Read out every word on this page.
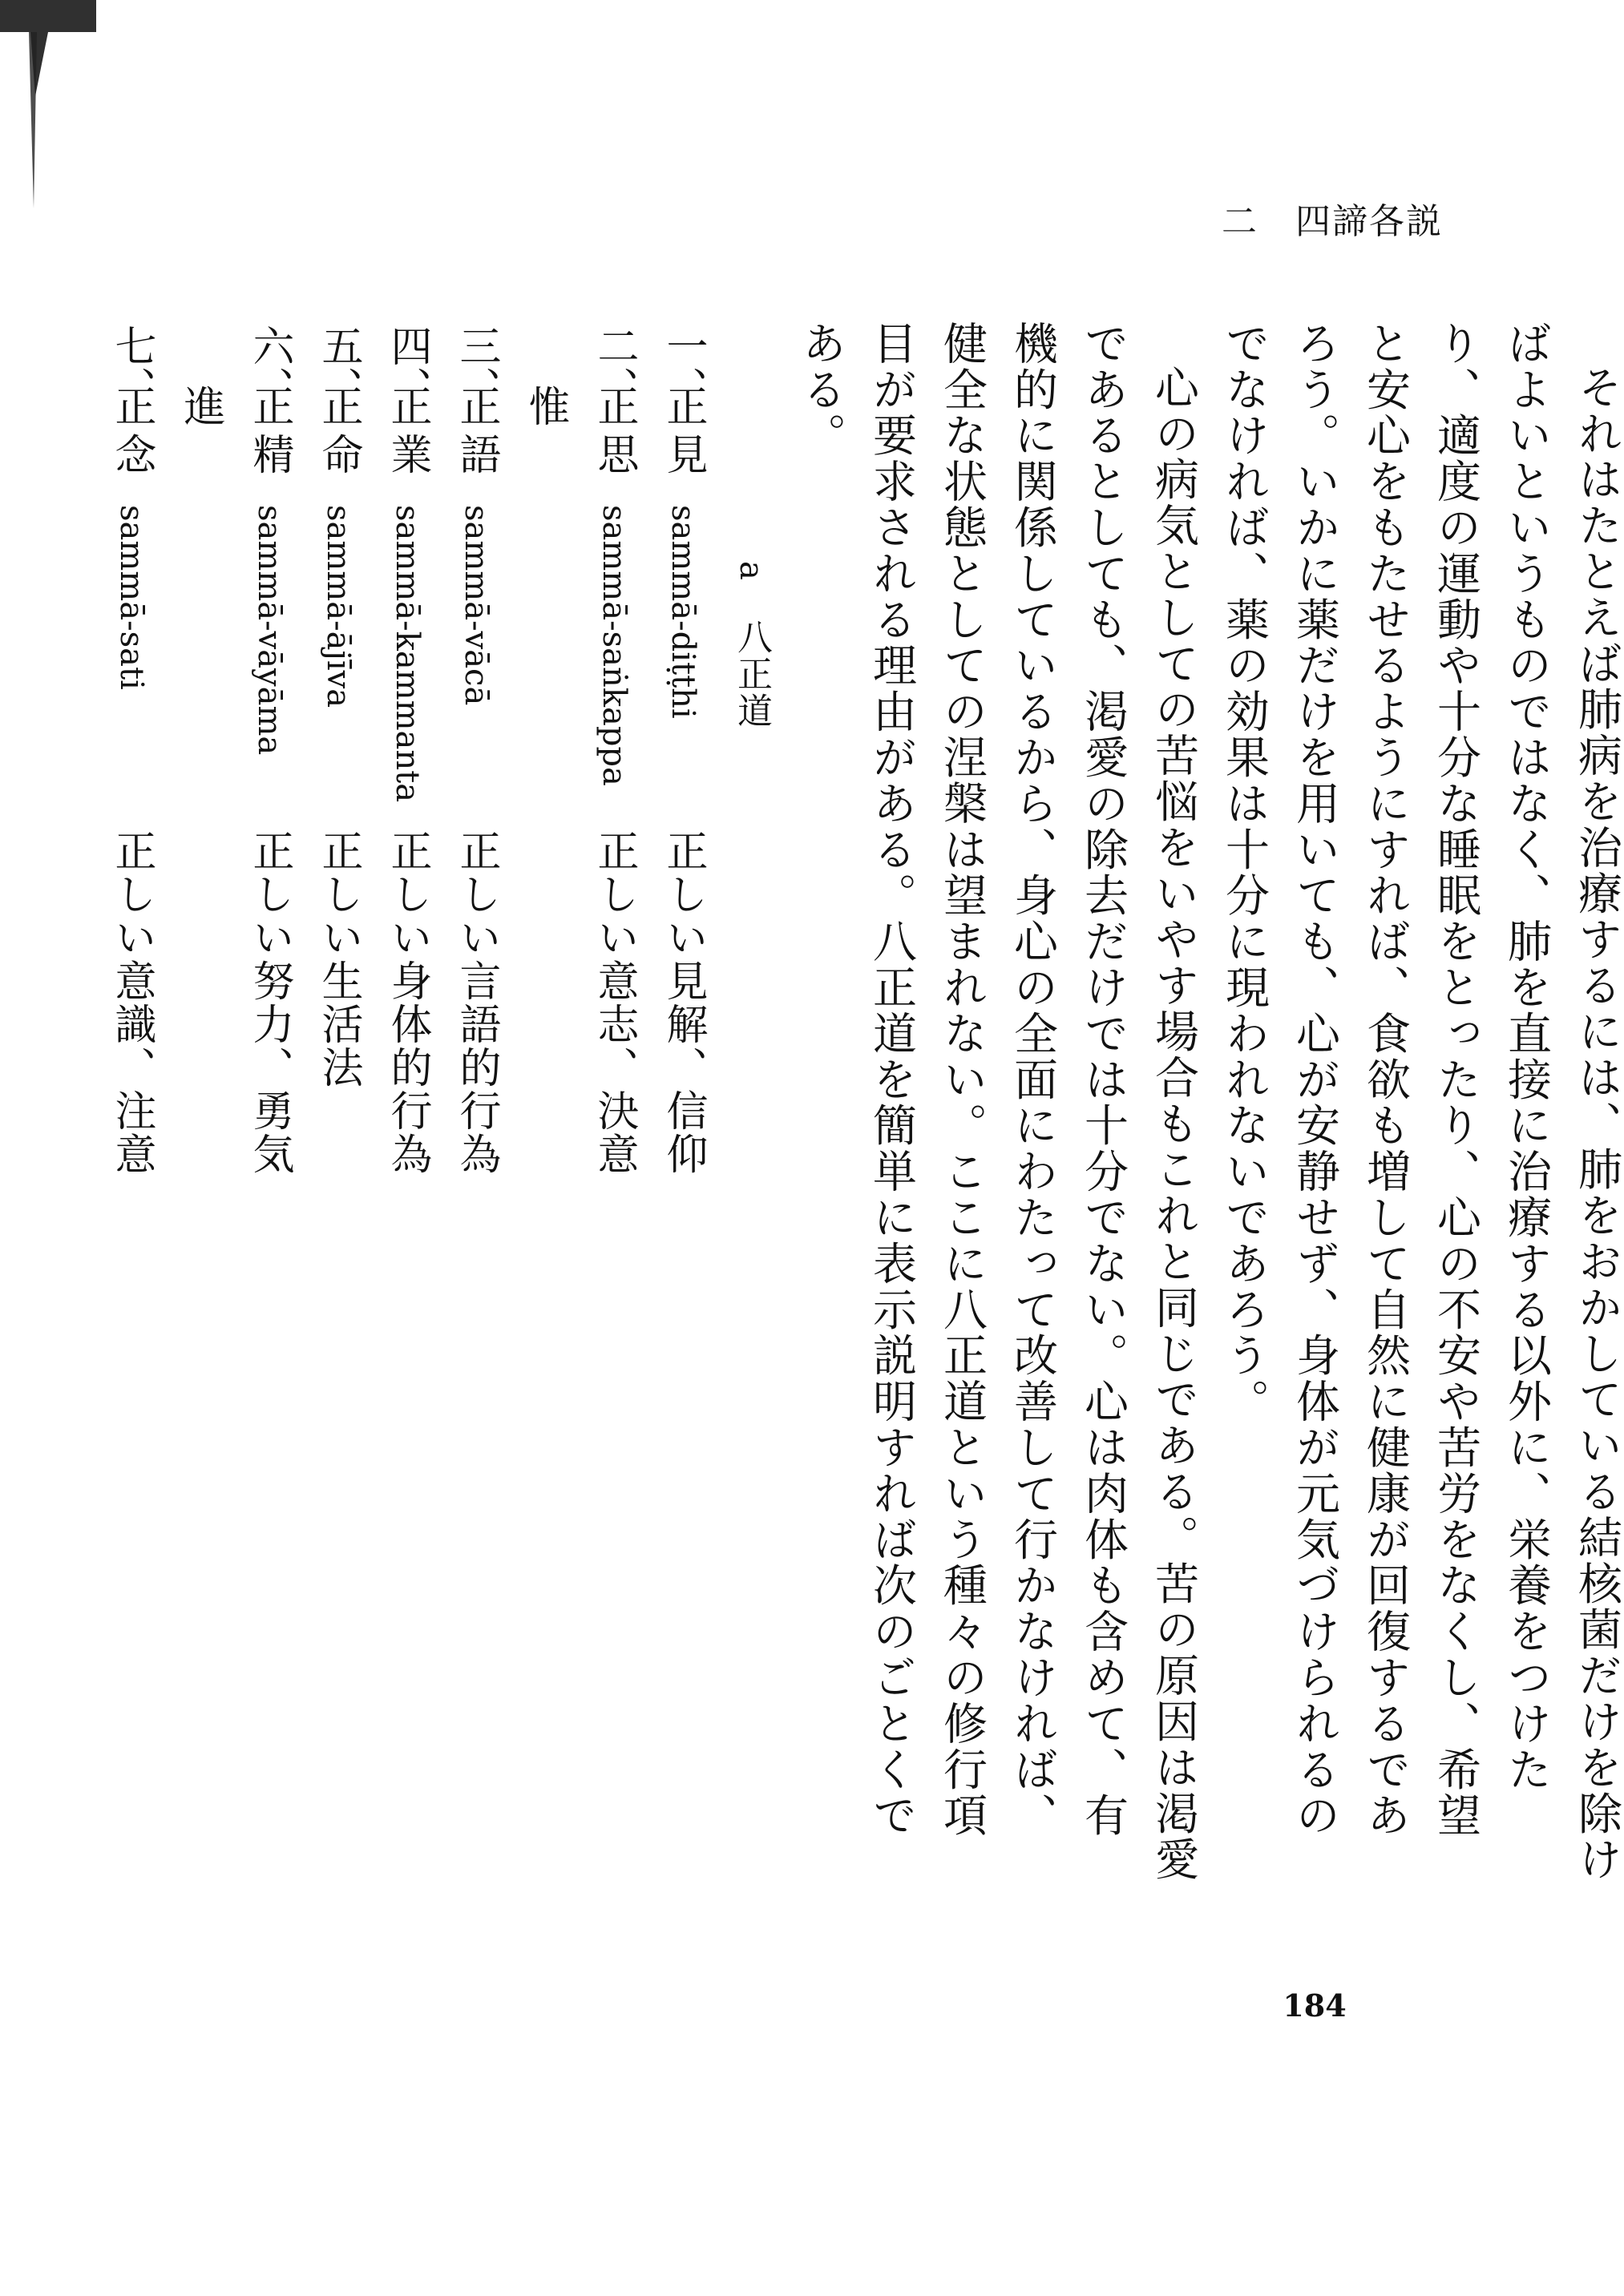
二　四諦各説

それはたとえば肺病を治療するには、肺をおかしている結核菌だけを除けばよいというものではなく、肺を直接に治療する以外に、栄養をつけたり、適度の運動や十分な睡眠をとったり、心の不安や苦労をなくし、希望と安心をもたせるようにすれば、食欲も増して自然に健康が回復するであろう。いかに薬だけを用いても、心が安静せず、身体が元気づけられるのでなければ、薬の効果は十分に現われないであろう。

心の病気としての苦悩をいやす場合もこれと同じである。苦の原因は渇愛であるとしても、渇愛の除去だけでは十分でない。心は肉体も含めて、有機的に関係しているから、身心の全面にわたって改善して行かなければ、健全な状態としての涅槃は望まれない。ここに八正道という種々の修行項目が要求される理由がある。八正道を簡単に表示説明すれば次のごとくである。

a　八正道
一、
正見
sammā-diṭṭhi
正しい見解、信仰
二、
正思惟
sammā-saṅkappa
正しい意志、決意
三、
正語
sammā-vācā
正しい言語的行為
四、
正業
sammā-kammanta
正しい身体的行為
五、
正命
sammā-ājīva
正しい生活法
六、
正精進
sammā-vāyāma
正しい努力、勇気
七、
正念
sammā-sati
正しい意識、注意
184
